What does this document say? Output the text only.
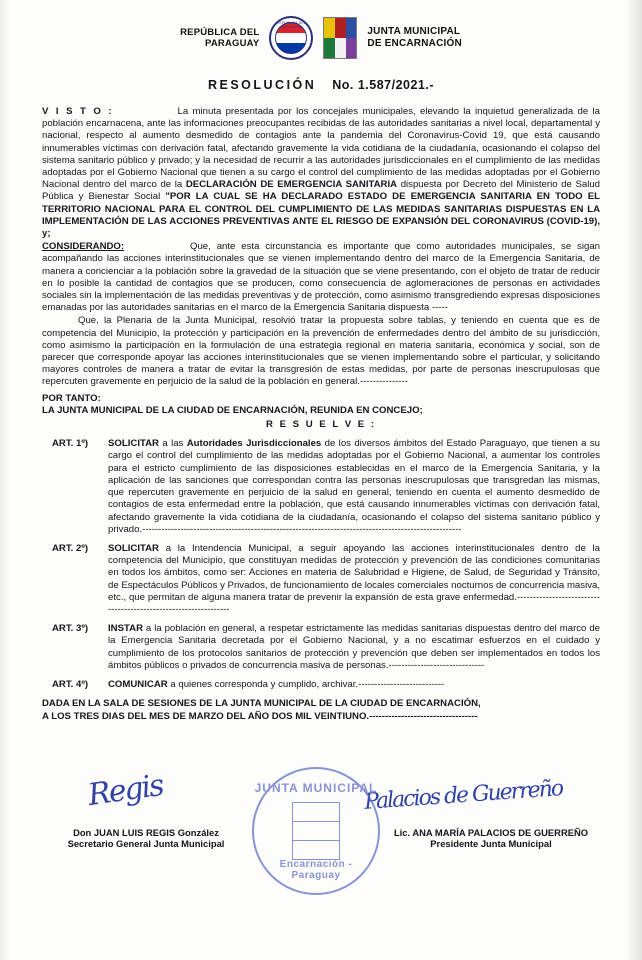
REPÚBLICA DEL
PARAGUAY
REPÚBLICA DEL PARAGUAY	JUNTA MUNICIPAL
DE ENCARNACIÓN
RESOLUCIÓN No. 1.587/2021.-

V I S T O :	La minuta presentada por los concejales municipales, elevando la inquietud generalizada de la población encarnacena, ante las informaciones preocupantes recibidas de las autoridades sanitarias a nivel local, departamental y nacional, respecto al aumento desmedido de contagios ante la pandemia del Coronavirus-Covid 19, que está causando innumerables víctimas con derivación fatal, afectando gravemente la vida cotidiana de la ciudadanía, ocasionando el colapso del sistema sanitario público y privado; y la necesidad de recurrir a las autoridades jurisdiccionales en el cumplimiento de las medidas adoptadas por el Gobierno Nacional que tienen a su cargo el control del cumplimiento de las medidas adoptadas por el Gobierno Nacional dentro del marco de la DECLARACIÓN DE EMERGENCIA SANITARIA dispuesta por Decreto del Ministerio de Salud Pública y Bienestar Social "POR LA CUAL SE HA DECLARADO ESTADO DE EMERGENCIA SANITARIA EN TODO EL TERRITORIO NACIONAL PARA EL CONTROL DEL CUMPLIMIENTO DE LAS MEDIDAS SANITARIAS DISPUESTAS EN LA IMPLEMENTACIÓN DE LAS ACCIONES PREVENTIVAS ANTE EL RIESGO DE EXPANSIÓN DEL CORONAVIRUS (COVID-19), y;

CONSIDERANDO:	Que, ante esta circunstancia es importante que como autoridades municipales, se sigan acompañando las acciones interinstitucionales que se vienen implementando dentro del marco de la Emergencia Sanitaria, de manera a concienciar a la población sobre la gravedad de la situación que se viene presentando, con el objeto de tratar de reducir en lo posible la cantidad de contagios que se producen, como consecuencia de aglomeraciones de personas en actividades sociales sin la implementación de las medidas preventivas y de protección, como asimismo transgrediendo expresas disposiciones emanadas por las autoridades sanitarias en el marco de la Emergencia Sanitaria dispuesta -----

Que, la Plenaria de la Junta Municipal, resolvió tratar la propuesta sobre tablas, y teniendo en cuenta que es de competencia del Municipio, la protección y participación en la prevención de enfermedades dentro del ámbito de su jurisdicción, como asimismo la participación en la formulación de una estrategia regional en materia sanitaria, económica y social, son de parecer que corresponde apoyar las acciones interinstitucionales que se vienen implementando sobre el particular, y solicitando mayores controles de manera a tratar de evitar la transgresión de estas medidas, por parte de personas inescrupulosas que repercuten gravemente en perjuicio de la salud de la población en general.---------------

POR TANTO:
LA JUNTA MUNICIPAL DE LA CIUDAD DE ENCARNACIÓN, REUNIDA EN CONCEJO;
R E S U E L V E :
ART. 1º)	SOLICITAR a las Autoridades Jurisdiccionales de los diversos ámbitos del Estado Paraguayo, que tienen a su cargo el control del cumplimiento de las medidas adoptadas por el Gobierno Nacional, a aumentar los controles para el estricto cumplimiento de las disposiciones establecidas en el marco de la Emergencia Sanitaria, y la aplicación de las sanciones que correspondan contra las personas inescrupulosas que transgredan las mismas, que repercuten gravemente en perjuicio de la salud en general, teniendo en cuenta el aumento desmedido de contagios de esta enfermedad entre la población, que está causando innumerables víctimas con derivación fatal, afectando gravemente la vida cotidiana de la ciudadanía, ocasionando el colapso del sistema sanitario público y privado.----------------------------------------------------------------------------------------------------
ART. 2º)	SOLICITAR a la Intendencia Municipal, a seguir apoyando las acciones interinstitucionales dentro de la competencia del Municipio, que constituyan medidas de protección y prevención de las condiciones comunitarias en todos los ámbitos, como ser: Acciones en materia de Salubridad e Higiene, de Salud, de Seguridad y Tránsito, de Espectáculos Públicos y Privados, de funcionamiento de locales comerciales nocturnos de concurrencia masiva, etc., que permitan de alguna manera tratar de prevenir la expansión de esta grave enfermedad.----------------------------------------------------------------
ART. 3º)	INSTAR a la población en general, a respetar estrictamente las medidas sanitarias dispuestas dentro del marco de la Emergencia Sanitaria decretada por el Gobierno Nacional, y a no escatimar esfuerzos en el cuidado y cumplimiento de los protocolos sanitarios de protección y prevención que deben ser implementados en todos los ámbitos públicos o privados de concurrencia masiva de personas.------------------------------
ART. 4º)	COMUNICAR a quienes corresponda y cumplido, archivar.---------------------------
DADA EN LA SALA DE SESIONES DE LA JUNTA MUNICIPAL DE LA CIUDAD DE ENCARNACIÓN,
A LOS TRES DIAS DEL MES DE MARZO DEL AÑO DOS MIL VEINTIUNO.----------------------------------
Regis	Palacios de Guerreño
JUNTA MUNICIPAL
Encarnación - Paraguay
Don JUAN LUIS REGIS González
Secretario General Junta Municipal
Lic. ANA MARÍA PALACIOS DE GUERREÑO
Presidente Junta Municipal
